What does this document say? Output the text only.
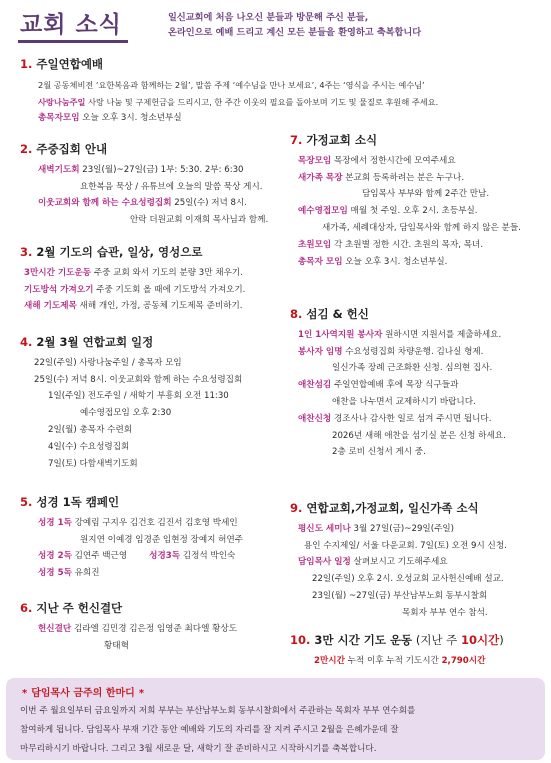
교회 소식	일신교회에 처음 나오신 분들과 방문해 주신 분들,
온라인으로 예배 드리고 계신 모든 분들을 환영하고 축복합니다
1. 주일연합예배
2월 공동체비전 ‘요한복음과 함께하는 2월’, 말씀 주제 ‘예수님을 만나 보세요’, 4주는 ‘영식을 주시는 예수님’
사랑나눔주일 사랑 나눔 및 구제헌금을 드리시고, 한 주간 이웃의 필요를 돌아보며 기도 및 물질로 후원해 주세요.
총목자모임 오늘 오후 3시. 청소년부실
2. 주중집회 안내
새벽기도회 23일(월)~27일(금) 1부: 5:30. 2부: 6:30
요한복음 묵상 / 유튜브에 오늘의 말씀 묵상 게시.
이웃교회와 함께 하는 수요성령집회 25일(수) 저녁 8시.
안락 더원교회 이재희 목사님과 함께.
3. 2월 기도의 습관, 일상, 영성으로
3만시간 기도운동 주중 교회 와서 기도의 분량 3만 채우기.
기도방석 가져오기 주중 기도회 올 때에 기도방석 가져오기.
새해 기도제목 새해 개인, 가정, 공동체 기도제목 준비하기.
4. 2월 3월 연합교회 일정
22일(주일) 사랑나눔주일 / 총목자 모임
25일(수) 저녁 8시. 이웃교회와 함께 하는 수요성령집회
1일(주일) 전도주일 / 새학기 부흥회 오전 11:30
예수영접모임 오후 2:30
2일(월) 총목자 수련회
4일(수) 수요성령집회
7일(토) 다함새벽기도회
5. 성경 1독 캠페인
성경 1독 강예림 구지우 김건호 김진서 김호영 박세인
원지연 이예경 임경준 임현정 장예지 허연주
성경 2독 김연주 백근영	성경3독 김정석 박인숙
성경 5독 유희진
6. 지난 주 헌신결단
헌신결단 김라엘 김민경 김은정 임영준 최다엘 황상도
황태혁
7. 가정교회 소식
목장모임 목장에서 정한시간에 모여주세요
새가족 목장 본교회 등록하려는 분은 누구나.
담임목사 부부와 함께 2주간 만남.
예수영접모임 매월 첫 주일. 오후 2시. 초등부실.
새가족, 세례대상자, 담임목사와 함께 하지 않은 분들.
초원모임 각 초원별 정한 시간. 초원의 목자, 목녀.
총목자 모임 오늘 오후 3시. 청소년부실.
8. 섬김 & 헌신
1인 1사역지원 봉사자 원하시면 지원서를 제출하세요.
봉사자 임명 수요성령집회 차량운행. 김나실 형제.
일신가족 장례 근조화환 신청. 심의현 집사.
애찬섬김 주일연합예배 후에 목장 식구들과
애찬을 나누면서 교제하시기 바랍니다.
애찬신청 경조사나 감사한 일로 섬겨 주시면 됩니다.
2026년 새해 애찬을 섬기실 분은 신청 하세요.
2층 로비 신청서 게시 중.
9. 연합교회,가정교회, 일신가족 소식
평신도 세미나 3월 27일(금)~29일(주일)
용인 수지제일/ 서울 다운교회. 7일(토) 오전 9시 신청.
담임목사 일정 살펴보시고 기도해주세요
22일(주일) 오후 2시. 오성교회 교사헌신예배 설교.
23일(월) ~27일(금) 부산남부노회 동부시찰회
목회자 부부 연수 참석.
10. 3만 시간 기도 운동 (지난 주 10시간)
2만시간 누적 이후 누적 기도시간 2,790시간
* 담임목사 금주의 한마디 *
이번 주 월요일부터 금요일까지 저희 부부는 부산남부노회 동부시찰회에서 주관하는 목회자 부부 연수회를
참여하게 됩니다. 담임목사 부재 기간 동안 예배와 기도의 자리를 잘 지켜 주시고 2월을 은혜가운데 잘
마무리하시기 바랍니다. 그리고 3월 새로운 달, 새학기 잘 준비하시고 시작하시기를 축복합니다.
